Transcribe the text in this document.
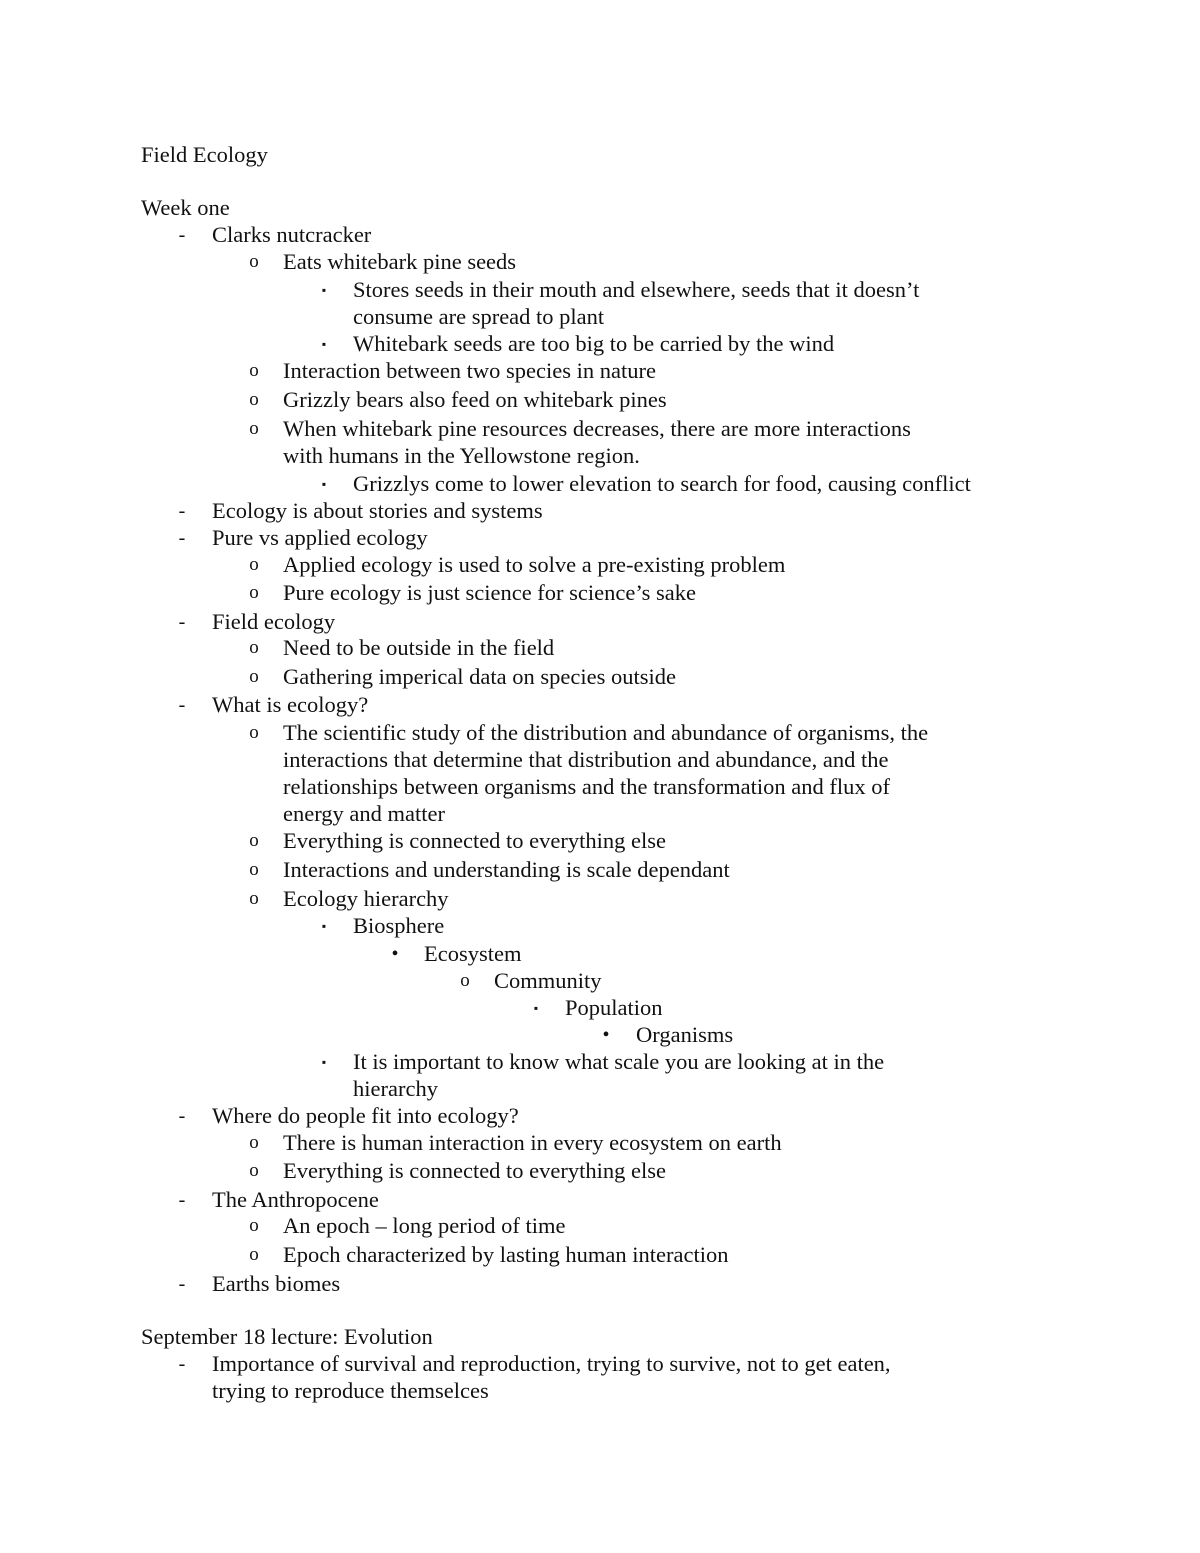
Field Ecology
Week one
- Clarks nutcracker
o Eats whitebark pine seeds
▪	Stores seeds in their mouth and elsewhere, seeds that it doesn’t
consume are spread to plant
▪	Whitebark seeds are too big to be carried by the wind
o Interaction between two species in nature
o Grizzly bears also feed on whitebark pines
o When whitebark pine resources decreases, there are more interactions
with humans in the Yellowstone region.
▪	Grizzlys come to lower elevation to search for food, causing conflict
- Ecology is about stories and systems
- Pure vs applied ecology
o Applied ecology is used to solve a pre-existing problem
o Pure ecology is just science for science’s sake
- Field ecology
o Need to be outside in the field
o Gathering imperical data on species outside
- What is ecology?
o The scientific study of the distribution and abundance of organisms, the
interactions that determine that distribution and abundance, and the
relationships between organisms and the transformation and flux of
energy and matter
o Everything is connected to everything else
o Interactions and understanding is scale dependant
o Ecology hierarchy
▪	Biosphere
• Ecosystem
o Community
▪	Population
• Organisms
▪	It is important to know what scale you are looking at in the
hierarchy
- Where do people fit into ecology?
o There is human interaction in every ecosystem on earth
o Everything is connected to everything else
- The Anthropocene
o An epoch – long period of time
o Epoch characterized by lasting human interaction
- Earths biomes
September 18 lecture: Evolution
- Importance of survival and reproduction, trying to survive, not to get eaten,
trying to reproduce themselces
